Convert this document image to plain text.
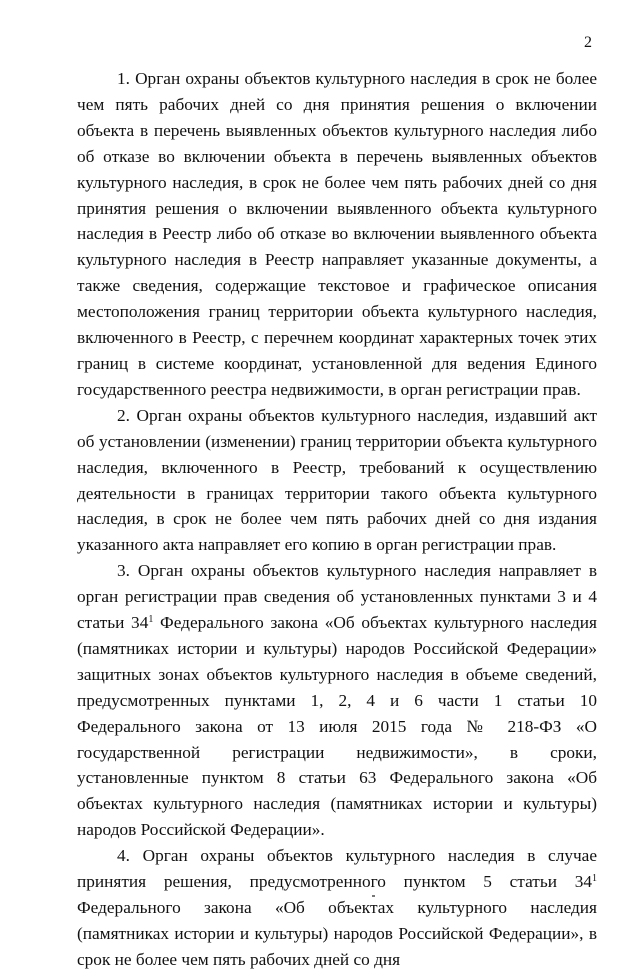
2

1. Орган охраны объектов культурного наследия в срок не более чем пять рабочих дней со дня принятия решения о включении объекта в перечень выявленных объектов культурного наследия либо об отказе во включении объекта в перечень выявленных объектов культурного наследия, в срок не более чем пять рабочих дней со дня принятия решения о включении выявленного объекта культурного наследия в Реестр либо об отказе во включении выявленного объекта культурного наследия в Реестр направляет указанные документы, а также сведения, содержащие текстовое и графическое описания местоположения границ территории объекта культурного наследия, включенного в Реестр, с перечнем координат характерных точек этих границ в системе координат, установленной для ведения Единого государственного реестра недвижимости, в орган регистрации прав.

2. Орган охраны объектов культурного наследия, издавший акт об установлении (изменении) границ территории объекта культурного наследия, включенного в Реестр, требований к осуществлению деятельности в границах территории такого объекта культурного наследия, в срок не более чем пять рабочих дней со дня издания указанного акта направляет его копию в орган регистрации прав.

3. Орган охраны объектов культурного наследия направляет в орган регистрации прав сведения об установленных пунктами 3 и 4 статьи $34^1$ Федерального закона «Об объектах культурного наследия (памятниках истории и культуры) народов Российской Федерации» защитных зонах объектов культурного наследия в объеме сведений, предусмотренных пунктами 1, 2, 4 и 6 части 1 статьи 10 Федерального закона от 13 июля 2015 года № 218-ФЗ «О государственной регистрации недвижимости», в сроки, установленные пунктом 8 статьи 63 Федерального закона «Об объектах культурного наследия (памятниках истории и культуры) народов Российской Федерации».

4. Орган охраны объектов культурного наследия в случае принятия решения, предусмотренного пунктом 5 статьи $34^1$ Федерального закона «Об объектах культурного наследия (памятниках истории и культуры) народов Российской Федерации», в срок не более чем пять рабочих дней со дня
